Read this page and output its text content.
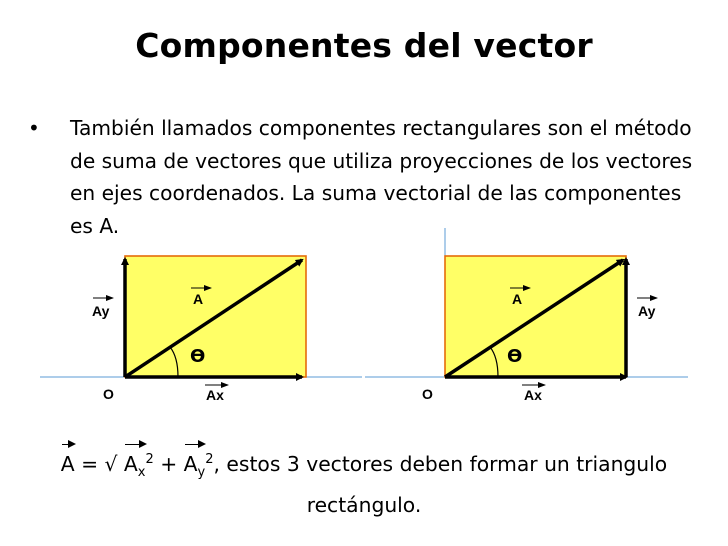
Componentes del vector
• También llamados componentes rectangulares son el método de suma de vectores que utiliza proyecciones de los vectores en ejes coordenados. La suma vectorial de las componentes es A.
Ay
A
ϴ
O	Ax
A
Ay
ϴ
O	Ax
A = √ $A_x^2 + A_y^2$, estos 3 vectores deben formar un triangulo
rectángulo.
